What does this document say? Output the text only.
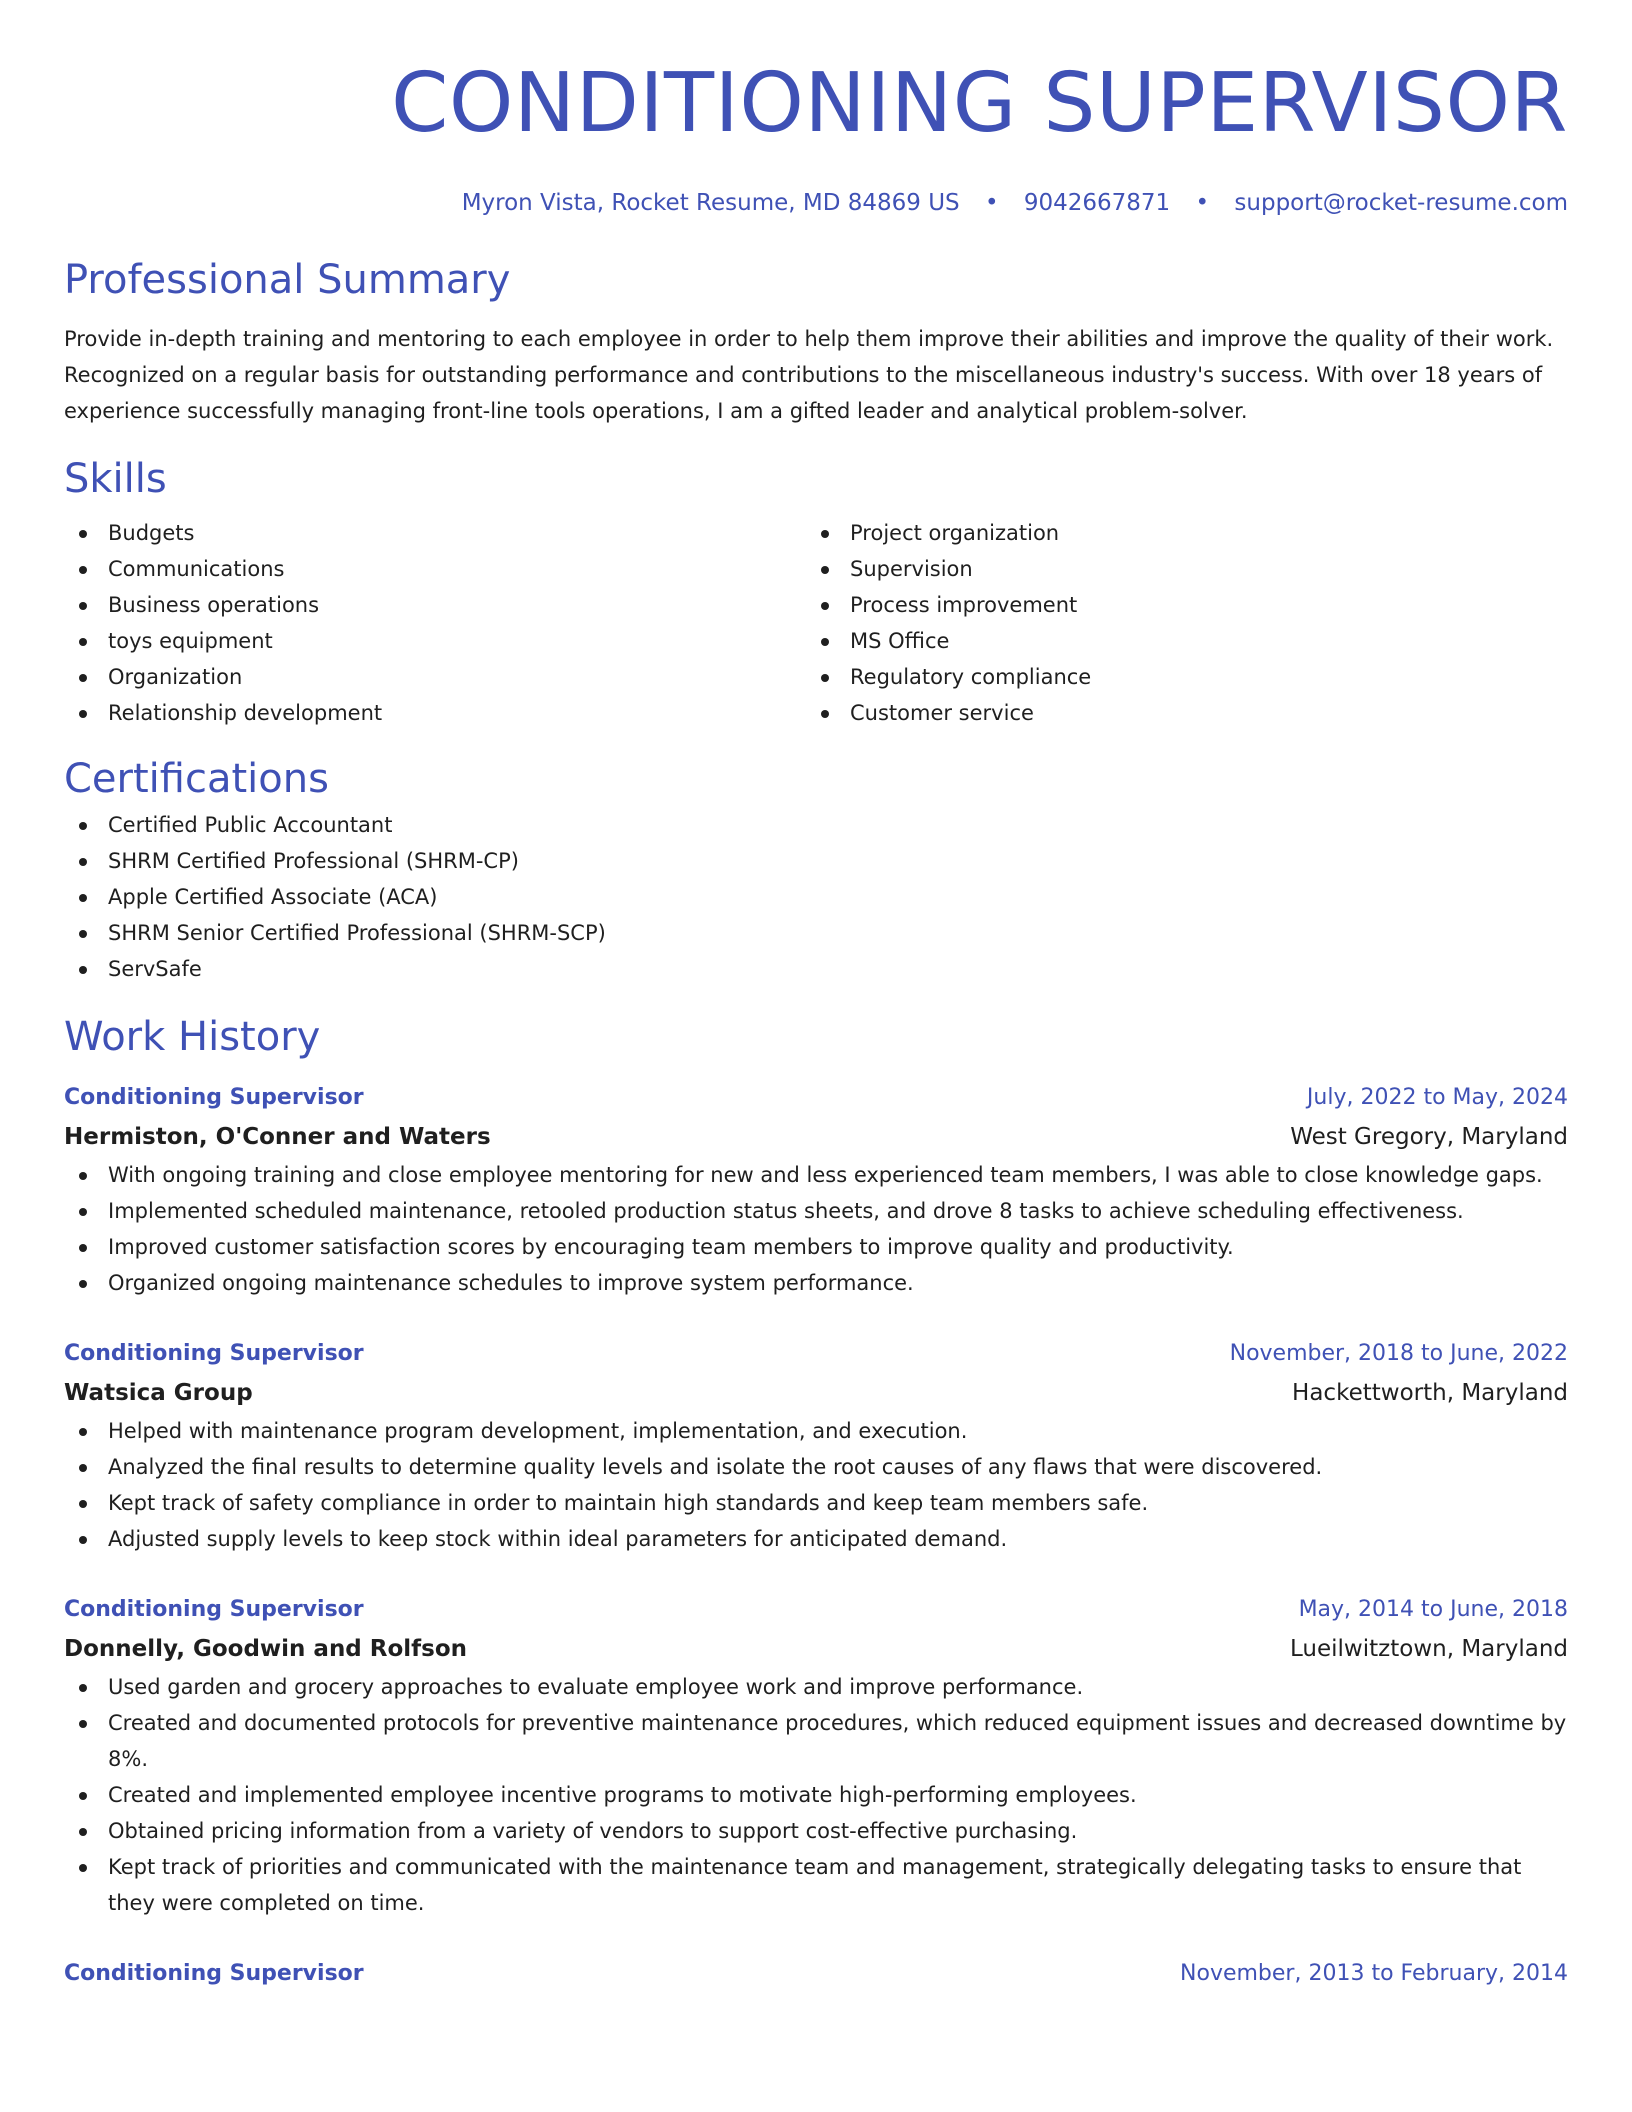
CONDITIONING SUPERVISOR
Myron Vista, Rocket Resume, MD 84869 US • 9042667871 • support@rocket-resume.com
Professional Summary

Provide in-depth training and mentoring to each employee in order to help them improve their abilities and improve the quality of their work. Recognized on a regular basis for outstanding performance and contributions to the miscellaneous industry's success. With over 18 years of experience successfully managing front-line tools operations, I am a gifted leader and analytical problem-solver.

Skills
Budgets
Communications
Business operations
toys equipment
Organization
Relationship development
Project organization
Supervision
Process improvement
MS Office
Regulatory compliance
Customer service
Certifications
Certified Public Accountant
SHRM Certified Professional (SHRM-CP)
Apple Certified Associate (ACA)
SHRM Senior Certified Professional (SHRM-SCP)
ServSafe
Work History
Conditioning Supervisor	July, 2022 to May, 2024
Hermiston, O'Conner and Waters	West Gregory, Maryland
With ongoing training and close employee mentoring for new and less experienced team members, I was able to close knowledge gaps.
Implemented scheduled maintenance, retooled production status sheets, and drove 8 tasks to achieve scheduling effectiveness.
Improved customer satisfaction scores by encouraging team members to improve quality and productivity.
Organized ongoing maintenance schedules to improve system performance.
Conditioning Supervisor	November, 2018 to June, 2022
Watsica Group	Hackettworth, Maryland
Helped with maintenance program development, implementation, and execution.
Analyzed the final results to determine quality levels and isolate the root causes of any flaws that were discovered.
Kept track of safety compliance in order to maintain high standards and keep team members safe.
Adjusted supply levels to keep stock within ideal parameters for anticipated demand.
Conditioning Supervisor	May, 2014 to June, 2018
Donnelly, Goodwin and Rolfson	Lueilwitztown, Maryland
Used garden and grocery approaches to evaluate employee work and improve performance.
Created and documented protocols for preventive maintenance procedures, which reduced equipment issues and decreased downtime by 8%.
Created and implemented employee incentive programs to motivate high-performing employees.
Obtained pricing information from a variety of vendors to support cost-effective purchasing.
Kept track of priorities and communicated with the maintenance team and management, strategically delegating tasks to ensure that they were completed on time.
Conditioning Supervisor	November, 2013 to February, 2014
